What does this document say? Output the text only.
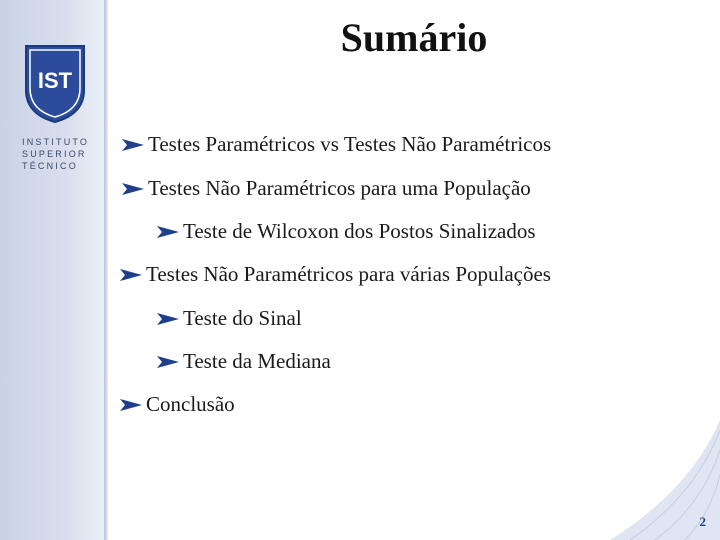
IST
INSTITUTO
SUPERIOR
TÉCNICO
Sumário
Testes Paramétricos vs Testes Não Paramétricos
Testes Não Paramétricos para uma População
Teste de Wilcoxon dos Postos Sinalizados
Testes Não Paramétricos para várias Populações
Teste do Sinal
Teste da Mediana
Conclusão
2
